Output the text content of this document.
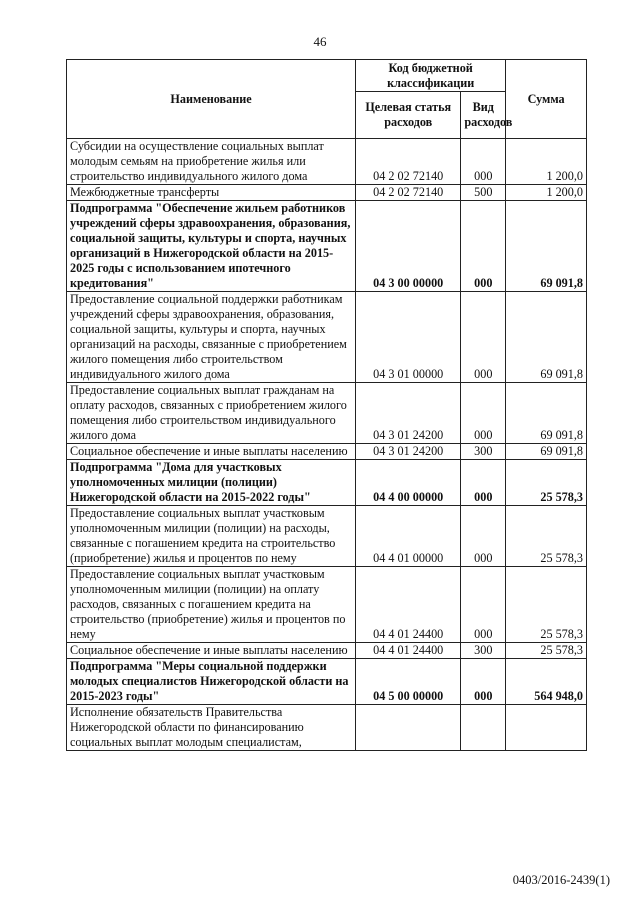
46
Наименование	Код бюджетной классификации		Сумма
	Целевая статья расходов	Вид расходов	
Субсидии на осуществление социальных выплат молодым семьям на приобретение жилья или строительство индивидуального жилого дома	04 2 02 72140	000	1 200,0
Межбюджетные трансферты	04 2 02 72140	500	1 200,0
Подпрограмма "Обеспечение жильем работников учреждений сферы здравоохранения, образования, социальной защиты, культуры и спорта, научных организаций в Нижегородской области на 2015-2025 годы с использованием ипотечного кредитования"	04 3 00 00000	000	69 091,8
Предоставление социальной поддержки работникам учреждений сферы здравоохранения, образования, социальной защиты, культуры и спорта, научных организаций на расходы, связанные с приобретением жилого помещения либо строительством индивидуального жилого дома	04 3 01 00000	000	69 091,8
Предоставление социальных выплат гражданам на оплату расходов, связанных с приобретением жилого помещения либо строительством индивидуального жилого дома	04 3 01 24200	000	69 091,8
Социальное обеспечение и иные выплаты населению	04 3 01 24200	300	69 091,8
Подпрограмма "Дома для участковых уполномоченных милиции (полиции) Нижегородской области на 2015-2022 годы"	04 4 00 00000	000	25 578,3
Предоставление социальных выплат участковым уполномоченным милиции (полиции) на расходы, связанные с погашением кредита на строительство (приобретение) жилья и процентов по нему	04 4 01 00000	000	25 578,3
Предоставление социальных выплат участковым уполномоченным милиции (полиции) на оплату расходов, связанных с погашением кредита на строительство (приобретение) жилья и процентов по нему	04 4 01 24400	000	25 578,3
Социальное обеспечение и иные выплаты населению	04 4 01 24400	300	25 578,3
Подпрограмма "Меры социальной поддержки молодых специалистов Нижегородской области на 2015-2023 годы"	04 5 00 00000	000	564 948,0
Исполнение обязательств Правительства Нижегородской области по финансированию социальных выплат молодым специалистам,			
0403/2016-2439(1)
